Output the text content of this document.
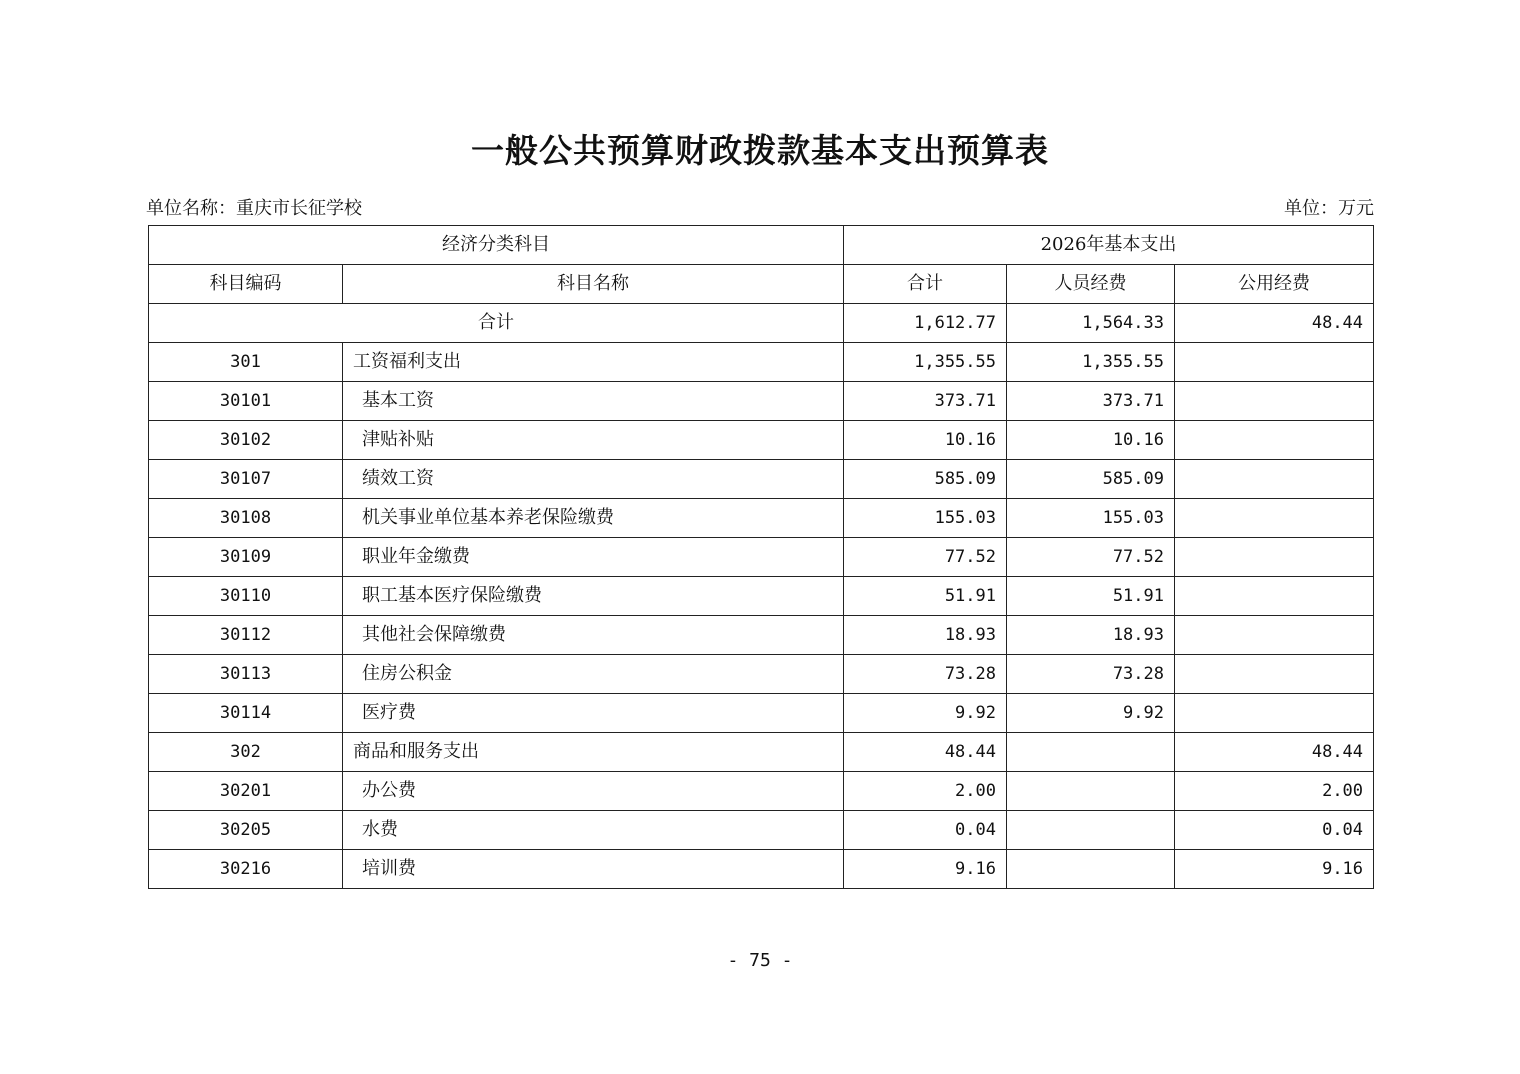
一般公共预算财政拨款基本支出预算表
单位名称：重庆市长征学校	单位：万元
经济分类科目		2026年基本支出		
科目编码	科目名称	合计	人员经费	公用经费
合计		1,612.77	1,564.33	48.44
301	工资福利支出	1,355.55	1,355.55	
30101	基本工资	373.71	373.71	
30102	津贴补贴	10.16	10.16	
30107	绩效工资	585.09	585.09	
30108	机关事业单位基本养老保险缴费	155.03	155.03	
30109	职业年金缴费	77.52	77.52	
30110	职工基本医疗保险缴费	51.91	51.91	
30112	其他社会保障缴费	18.93	18.93	
30113	住房公积金	73.28	73.28	
30114	医疗费	9.92	9.92	
302	商品和服务支出	48.44		48.44
30201	办公费	2.00		2.00
30205	水费	0.04		0.04
30216	培训费	9.16		9.16
- 75 -
